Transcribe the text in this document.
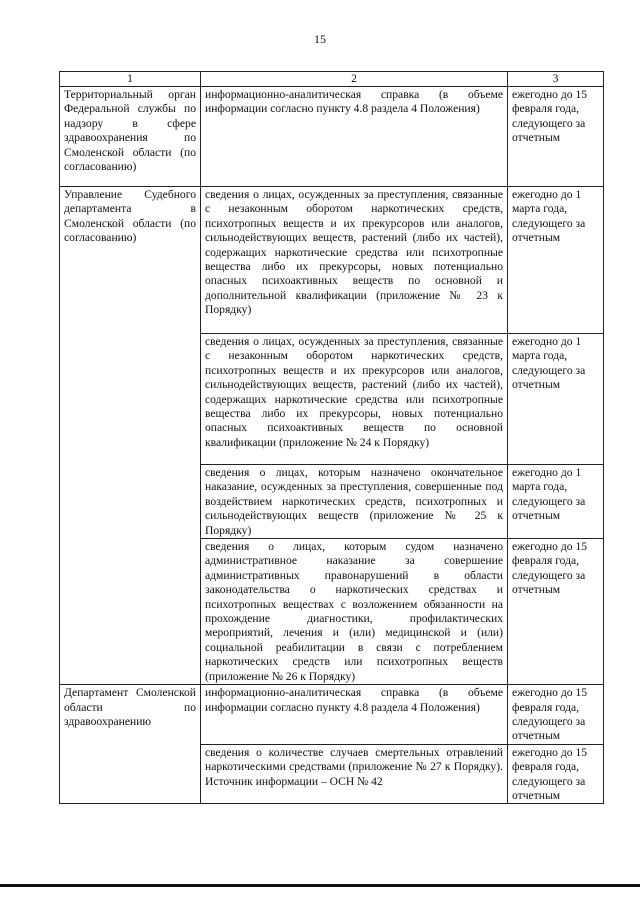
15
1	2	3
Территориальный орган Федеральной службы по надзору в сфере здравоохранения по Смоленской области (по согласованию)	информационно-аналитическая справка (в объеме информации согласно пункту 4.8 раздела 4 Положения)	ежегодно до 15 февраля года, следующего за отчетным
Управление Судебного департамента в Смоленской области (по согласованию)	сведения о лицах, осужденных за преступления, связанные с незаконным оборотом наркотических средств, психотропных веществ и их прекурсоров или аналогов, сильнодействующих веществ, растений (либо их частей), содержащих наркотические средства или психотропные вещества либо их прекурсоры, новых потенциально опасных психоактивных веществ по основной и дополнительной квалификации (приложение № 23 к Порядку)	ежегодно до 1 марта года, следующего за отчетным
	сведения о лицах, осужденных за преступления, связанные с незаконным оборотом наркотических средств, психотропных веществ и их прекурсоров или аналогов, сильнодействующих веществ, растений (либо их частей), содержащих наркотические средства или психотропные вещества либо их прекурсоры, новых потенциально опасных психоактивных веществ по основной квалификации (приложение № 24 к Порядку)	ежегодно до 1 марта года, следующего за отчетным
	сведения о лицах, которым назначено окончательное наказание, осужденных за преступления, совершенные под воздействием наркотических средств, психотропных и сильнодействующих веществ (приложение № 25 к Порядку)	ежегодно до 1 марта года, следующего за отчетным
	сведения о лицах, которым судом назначено административное наказание за совершение административных правонарушений в области законодательства о наркотических средствах и психотропных веществах с возложением обязанности на прохождение диагностики, профилактических мероприятий, лечения и (или) медицинской и (или) социальной реабилитации в связи с потреблением наркотических средств или психотропных веществ (приложение № 26 к Порядку)	ежегодно до 15 февраля года, следующего за отчетным
Департамент Смоленской области по здравоохранению	информационно-аналитическая справка (в объеме информации согласно пункту 4.8 раздела 4 Положения)	ежегодно до 15 февраля года, следующего за отчетным
	сведения о количестве случаев смертельных отравлений наркотическими средствами (приложение № 27 к Порядку). Источник информации – ОСН № 42	ежегодно до 15 февраля года, следующего за отчетным
